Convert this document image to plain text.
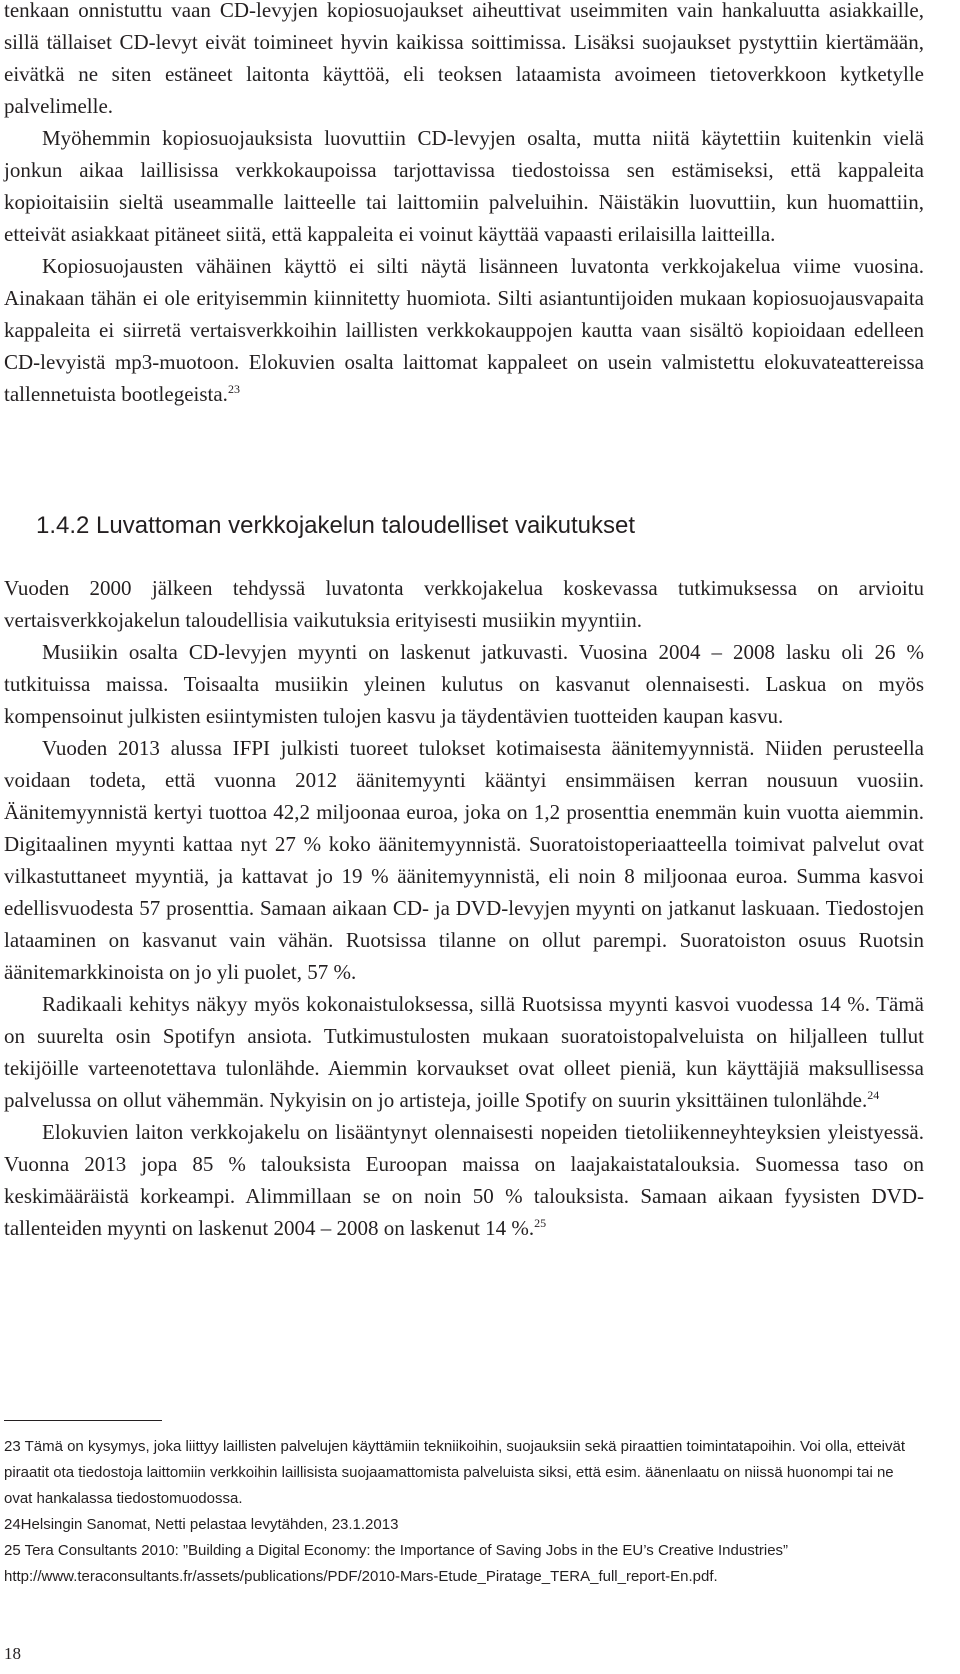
tenkaan onnistuttu vaan CD-levyjen kopiosuojaukset aiheuttivat useimmiten vain hankaluutta asiakkaille, sillä tällaiset CD-levyt eivät toimineet hyvin kaikissa soittimissa. Lisäksi suojaukset pystyttiin kiertämään, eivätkä ne siten estäneet laitonta käyttöä, eli teoksen lataamista avoimeen tietoverkkoon kytketylle palvelimelle.

Myöhemmin kopiosuojauksista luovuttiin CD-levyjen osalta, mutta niitä käytettiin kuitenkin vielä jonkun aikaa laillisissa verkkokaupoissa tarjottavissa tiedostoissa sen estämiseksi, että kappaleita kopioitaisiin sieltä useammalle laitteelle tai laittomiin palveluihin. Näistäkin luovuttiin, kun huomattiin, etteivät asiakkaat pitäneet siitä, että kappaleita ei voinut käyttää vapaasti erilaisilla laitteilla.

Kopiosuojausten vähäinen käyttö ei silti näytä lisänneen luvatonta verkkojakelua viime vuosina. Ainakaan tähän ei ole erityisemmin kiinnitetty huomiota. Silti asiantuntijoiden mukaan kopiosuojausvapaita kappaleita ei siirretä vertaisverkkoihin laillisten verkkokauppojen kautta vaan sisältö kopioidaan edelleen CD-levyistä mp3-muotoon. Elokuvien osalta laittomat kappaleet on usein valmistettu elokuvateattereissa tallennetuista bootlegeista.$^{23}$

1.4.2 Luvattoman verkkojakelun taloudelliset vaikutukset

Vuoden 2000 jälkeen tehdyssä luvatonta verkkojakelua koskevassa tutkimuksessa on arvioitu vertaisverkkojakelun taloudellisia vaikutuksia erityisesti musiikin myyntiin.

Musiikin osalta CD-levyjen myynti on laskenut jatkuvasti. Vuosina 2004 – 2008 lasku oli 26 % tutkituissa maissa. Toisaalta musiikin yleinen kulutus on kasvanut olennaisesti. Laskua on myös kompensoinut julkisten esiintymisten tulojen kasvu ja täydentävien tuotteiden kaupan kasvu.

Vuoden 2013 alussa IFPI julkisti tuoreet tulokset kotimaisesta äänitemyynnistä. Niiden perusteella voidaan todeta, että vuonna 2012 äänitemyynti kääntyi ensimmäisen kerran nousuun vuosiin. Äänitemyynnistä kertyi tuottoa 42,2 miljoonaa euroa, joka on 1,2 prosenttia enemmän kuin vuotta aiemmin. Digitaalinen myynti kattaa nyt 27 % koko äänitemyynnistä. Suoratoistoperiaatteella toimivat palvelut ovat vilkastuttaneet myyntiä, ja kattavat jo 19 % äänitemyynnistä, eli noin 8 miljoonaa euroa. Summa kasvoi edellisvuodesta 57 prosenttia. Samaan aikaan CD- ja DVD-levyjen myynti on jatkanut laskuaan. Tiedostojen lataaminen on kasvanut vain vähän. Ruotsissa tilanne on ollut parempi. Suoratoiston osuus Ruotsin äänitemarkkinoista on jo yli puolet, 57 %.

Radikaali kehitys näkyy myös kokonaistuloksessa, sillä Ruotsissa myynti kasvoi vuodessa 14 %. Tämä on suurelta osin Spotifyn ansiota. Tutkimustulosten mukaan suoratoistopalveluista on hiljalleen tullut tekijöille varteenotettava tulonlähde. Aiemmin korvaukset ovat olleet pieniä, kun käyttäjiä maksullisessa palvelussa on ollut vähemmän. Nykyisin on jo artisteja, joille Spotify on suurin yksittäinen tulonlähde.$^{24}$

Elokuvien laiton verkkojakelu on lisääntynyt olennaisesti nopeiden tietoliikenneyhteyksien yleistyessä. Vuonna 2013 jopa 85 % talouksista Euroopan maissa on laajakaistatalouksia. Suomessa taso on keskimääräistä korkeampi. Alimmillaan se on noin 50 % talouksista. Samaan aikaan fyysisten DVD-tallenteiden myynti on laskenut 2004 – 2008 on laskenut 14 %.$^{25}$

23 Tämä on kysymys, joka liittyy laillisten palvelujen käyttämiin tekniikoihin, suojauksiin sekä piraattien toimintatapoihin. Voi olla, etteivät piraatit ota tiedostoja laittomiin verkkoihin laillisista suojaamattomista palveluista siksi, että esim. äänenlaatu on niissä huonompi tai ne ovat hankalassa tiedostomuodossa.

24Helsingin Sanomat, Netti pelastaa levytähden, 23.1.2013

25 Tera Consultants 2010: ”Building a Digital Economy: the Importance of Saving Jobs in the EU’s Creative Industries” http://www.teraconsultants.fr/assets/publications/PDF/2010-Mars-Etude_Piratage_TERA_full_report-En.pdf.

18
